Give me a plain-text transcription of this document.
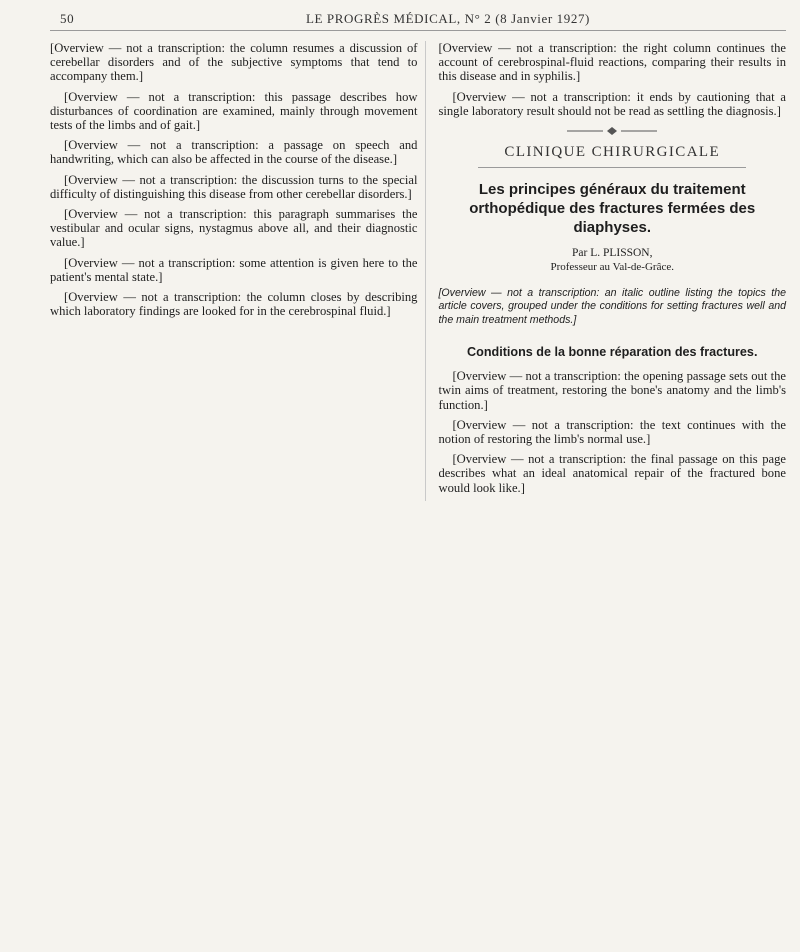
50	LE PROGRÈS MÉDICAL, N° 2 (8 Janvier 1927)

[Overview — not a transcription: the column resumes a discussion of cerebellar disorders and of the subjective symptoms that tend to accompany them.]

[Overview — not a transcription: this passage describes how disturbances of coordination are examined, mainly through movement tests of the limbs and of gait.]

[Overview — not a transcription: a passage on speech and handwriting, which can also be affected in the course of the disease.]

[Overview — not a transcription: the discussion turns to the special difficulty of distinguishing this disease from other cerebellar disorders.]

[Overview — not a transcription: this paragraph summarises the vestibular and ocular signs, nystagmus above all, and their diagnostic value.]

[Overview — not a transcription: some attention is given here to the patient's mental state.]

[Overview — not a transcription: the column closes by describing which laboratory findings are looked for in the cerebrospinal fluid.]

[Overview — not a transcription: the right column continues the account of cerebrospinal-fluid reactions, comparing their results in this disease and in syphilis.]

[Overview — not a transcription: it ends by cautioning that a single laboratory result should not be read as settling the diagnosis.]

CLINIQUE CHIRURGICALE
Les principes généraux du traitement orthopédique des fractures fermées des diaphyses.

Par L. PLISSON,

Professeur au Val-de-Grâce.

[Overview — not a transcription: an italic outline listing the topics the article covers, grouped under the conditions for setting fractures well and the main treatment methods.]

Conditions de la bonne réparation des fractures.

[Overview — not a transcription: the opening passage sets out the twin aims of treatment, restoring the bone's anatomy and the limb's function.]

[Overview — not a transcription: the text continues with the notion of restoring the limb's normal use.]

[Overview — not a transcription: the final passage on this page describes what an ideal anatomical repair of the fractured bone would look like.]
